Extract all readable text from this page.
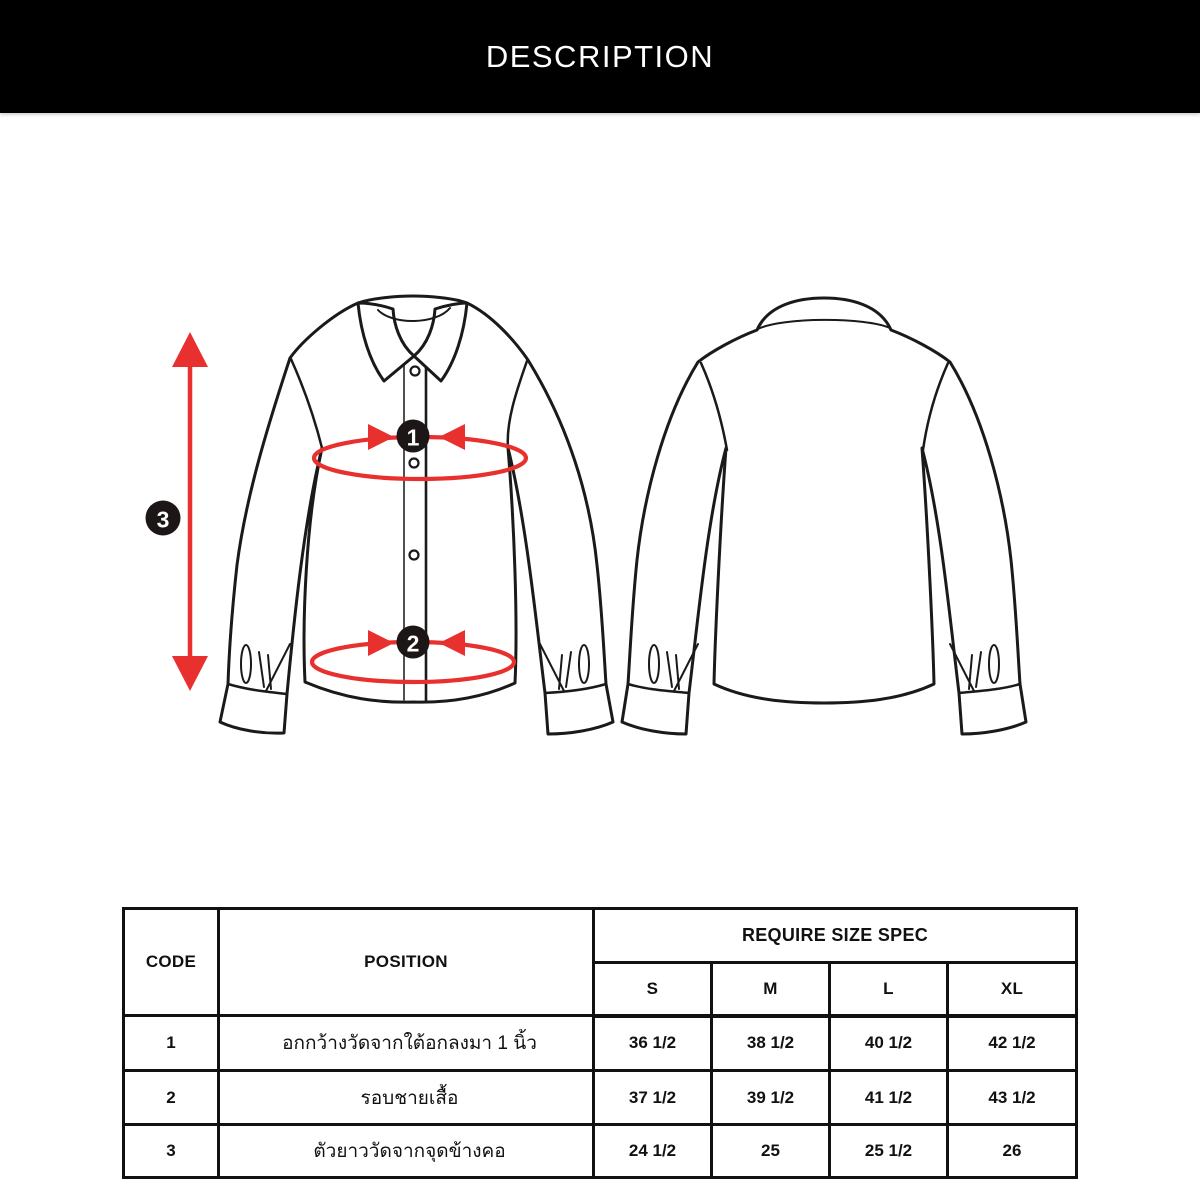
DESCRIPTION
1
2
3
CODE	POSITION	REQUIRE SIZE SPEC			
		S	M	L	XL
1	อกกว้างวัดจากใต้อกลงมา 1 นิ้ว	36 1/2	38 1/2	40 1/2	42 1/2
2	รอบชายเสื้อ	37 1/2	39 1/2	41 1/2	43 1/2
3	ตัวยาววัดจากจุดข้างคอ	24 1/2	25	25 1/2	26
